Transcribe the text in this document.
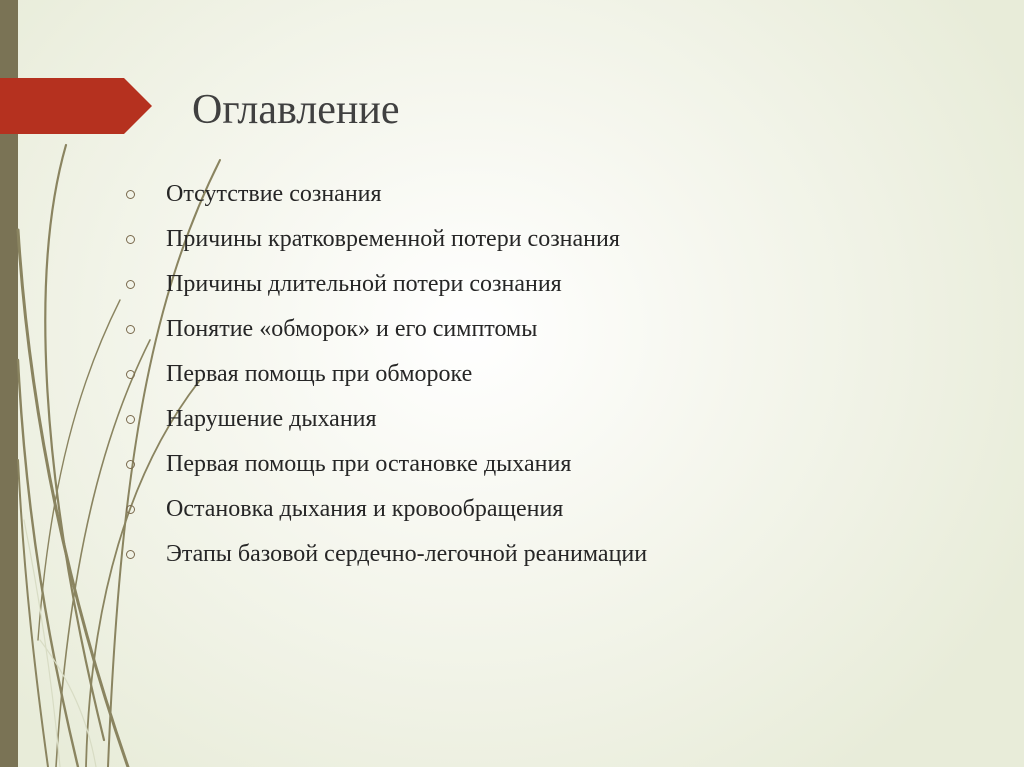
Оглавление
Отсутствие сознания
Причины кратковременной потери сознания
Причины длительной потери сознания
Понятие «обморок» и его симптомы
Первая помощь при обмороке
Нарушение дыхания
Первая помощь при остановке дыхания
Остановка дыхания и кровообращения
Этапы базовой сердечно-легочной реанимации
